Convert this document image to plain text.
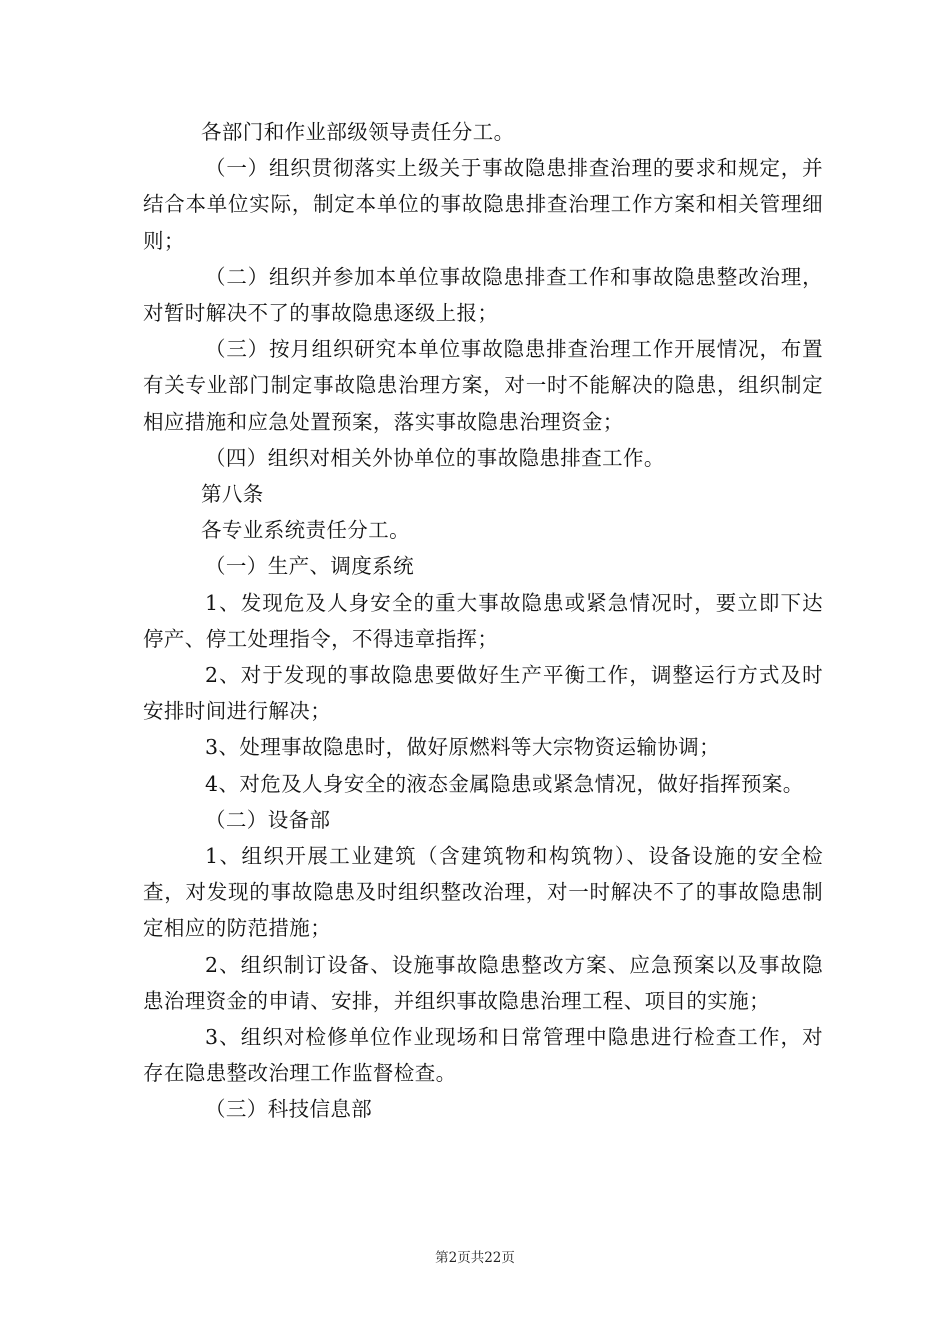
各部门和作业部级领导责任分工。

（一）组织贯彻落实上级关于事故隐患排查治理的要求和规定，并结合本单位实际，制定本单位的事故隐患排查治理工作方案和相关管理细则；

（二）组织并参加本单位事故隐患排查工作和事故隐患整改治理，对暂时解决不了的事故隐患逐级上报；

（三）按月组织研究本单位事故隐患排查治理工作开展情况，布置有关专业部门制定事故隐患治理方案，对一时不能解决的隐患，组织制定相应措施和应急处置预案，落实事故隐患治理资金；

（四）组织对相关外协单位的事故隐患排查工作。

第八条

各专业系统责任分工。

（一）生产、调度系统

1、发现危及人身安全的重大事故隐患或紧急情况时，要立即下达停产、停工处理指令，不得违章指挥；

2、对于发现的事故隐患要做好生产平衡工作，调整运行方式及时安排时间进行解决；

3、处理事故隐患时，做好原燃料等大宗物资运输协调；

4、对危及人身安全的液态金属隐患或紧急情况，做好指挥预案。

（二）设备部

1、组织开展工业建筑（含建筑物和构筑物）、设备设施的安全检查，对发现的事故隐患及时组织整改治理，对一时解决不了的事故隐患制定相应的防范措施；

2、组织制订设备、设施事故隐患整改方案、应急预案以及事故隐患治理资金的申请、安排，并组织事故隐患治理工程、项目的实施；

3、组织对检修单位作业现场和日常管理中隐患进行检查工作，对存在隐患整改治理工作监督检查。

（三）科技信息部

第2页共22页
